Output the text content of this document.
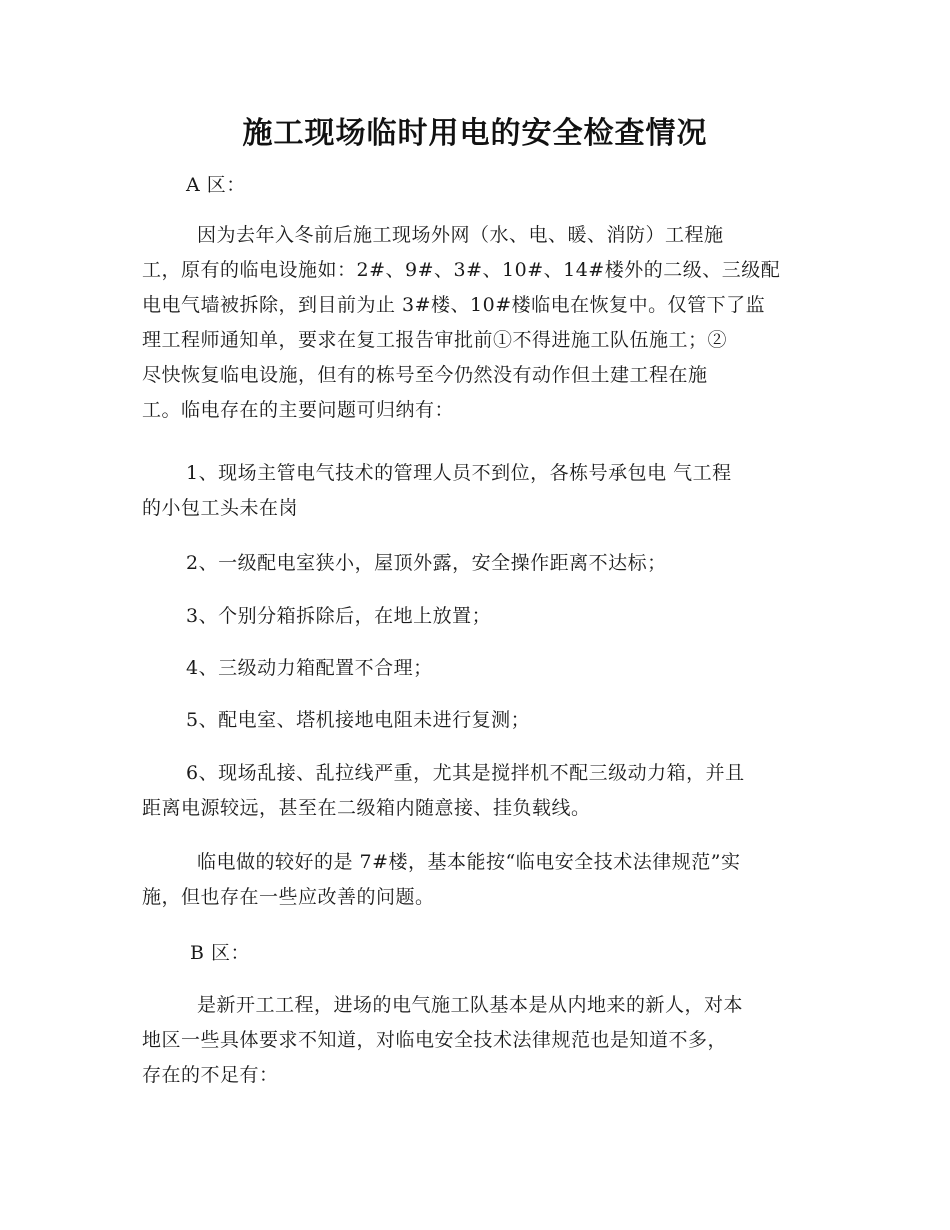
施工现场临时用电的安全检查情况

A 区：

因为去年入冬前后施工现场外网（水、电、暖、消防）工程施
工，原有的临电设施如：2#、9#、3#、10#、14#楼外的二级、三级配
电电气墙被拆除，到目前为止 3#楼、10#楼临电在恢复中。仅管下了监
理工程师通知单，要求在复工报告审批前①不得进施工队伍施工；②
尽快恢复临电设施，但有的栋号至今仍然没有动作但土建工程在施
工。临电存在的主要问题可归纳有：

1、现场主管电气技术的管理人员不到位，各栋号承包电 气工程
的小包工头未在岗

2、一级配电室狭小，屋顶外露，安全操作距离不达标；

3、个别分箱拆除后，在地上放置；

4、三级动力箱配置不合理；

5、配电室、塔机接地电阻未进行复测；

6、现场乱接、乱拉线严重，尤其是搅拌机不配三级动力箱，并且
距离电源较远，甚至在二级箱内随意接、挂负载线。

临电做的较好的是 7#楼，基本能按“临电安全技术法律规范”实
施，但也存在一些应改善的问题。

B 区：

是新开工工程，进场的电气施工队基本是从内地来的新人，对本
地区一些具体要求不知道，对临电安全技术法律规范也是知道不多，
存在的不足有：
